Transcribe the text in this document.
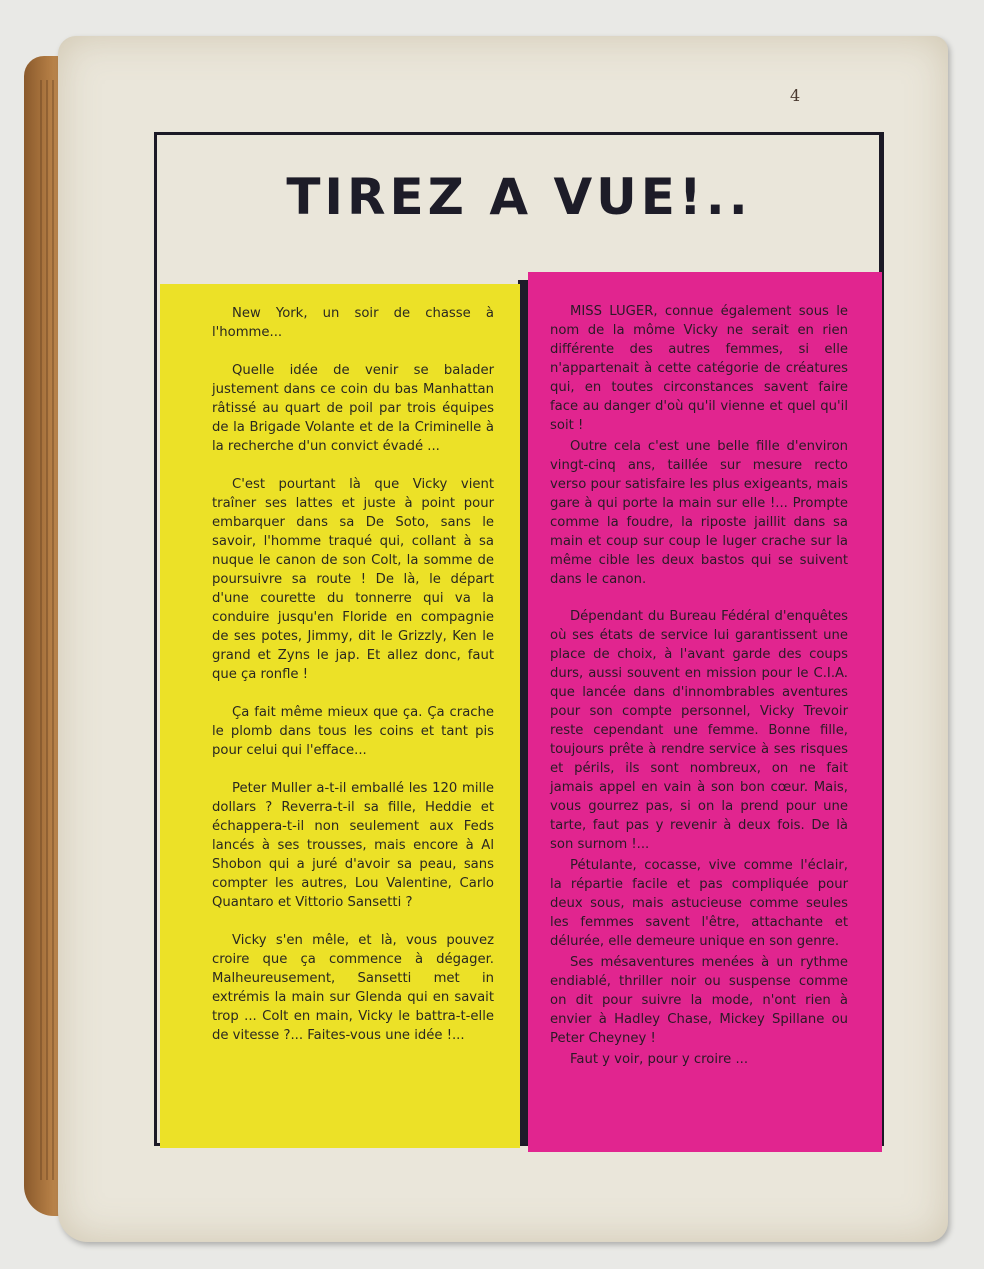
4
TIREZ A VUE!..

New York, un soir de chasse à l'homme...

Quelle idée de venir se balader justement dans ce coin du bas Manhattan râtissé au quart de poil par trois équipes de la Brigade Volante et de la Criminelle à la recherche d'un convict évadé ...

C'est pourtant là que Vicky vient traîner ses lattes et juste à point pour embarquer dans sa De Soto, sans le savoir, l'homme traqué qui, collant à sa nuque le canon de son Colt, la somme de poursuivre sa route ! De là, le départ d'une courette du tonnerre qui va la conduire jusqu'en Floride en compagnie de ses potes, Jimmy, dit le Grizzly, Ken le grand et Zyns le jap. Et allez donc, faut que ça ronfle !

Ça fait même mieux que ça. Ça crache le plomb dans tous les coins et tant pis pour celui qui l'efface...

Peter Muller a-t-il emballé les 120 mille dollars ? Reverra-t-il sa fille, Heddie et échappera-t-il non seulement aux Feds lancés à ses trousses, mais encore à Al Shobon qui a juré d'avoir sa peau, sans compter les autres, Lou Valentine, Carlo Quantaro et Vittorio Sansetti ?

Vicky s'en mêle, et là, vous pouvez croire que ça commence à dégager. Malheureusement, Sansetti met in extrémis la main sur Glenda qui en savait trop ... Colt en main, Vicky le battra-t-elle de vitesse ?... Faites-vous une idée !...

MISS LUGER, connue également sous le nom de la môme Vicky ne serait en rien différente des autres femmes, si elle n'appartenait à cette catégorie de créatures qui, en toutes circonstances savent faire face au danger d'où qu'il vienne et quel qu'il soit !

Outre cela c'est une belle fille d'environ vingt-cinq ans, taillée sur mesure recto verso pour satisfaire les plus exigeants, mais gare à qui porte la main sur elle !... Prompte comme la foudre, la riposte jaillit dans sa main et coup sur coup le luger crache sur la même cible les deux bastos qui se suivent dans le canon.

Dépendant du Bureau Fédéral d'enquêtes où ses états de service lui garantissent une place de choix, à l'avant garde des coups durs, aussi souvent en mission pour le C.I.A. que lancée dans d'innombrables aventures pour son compte personnel, Vicky Trevoir reste cependant une femme. Bonne fille, toujours prête à rendre service à ses risques et périls, ils sont nombreux, on ne fait jamais appel en vain à son bon cœur. Mais, vous gourrez pas, si on la prend pour une tarte, faut pas y revenir à deux fois. De là son surnom !...

Pétulante, cocasse, vive comme l'éclair, la répartie facile et pas compliquée pour deux sous, mais astucieuse comme seules les femmes savent l'être, attachante et délurée, elle demeure unique en son genre.

Ses mésaventures menées à un rythme endiablé, thriller noir ou suspense comme on dit pour suivre la mode, n'ont rien à envier à Hadley Chase, Mickey Spillane ou Peter Cheyney !

Faut y voir, pour y croire ...
